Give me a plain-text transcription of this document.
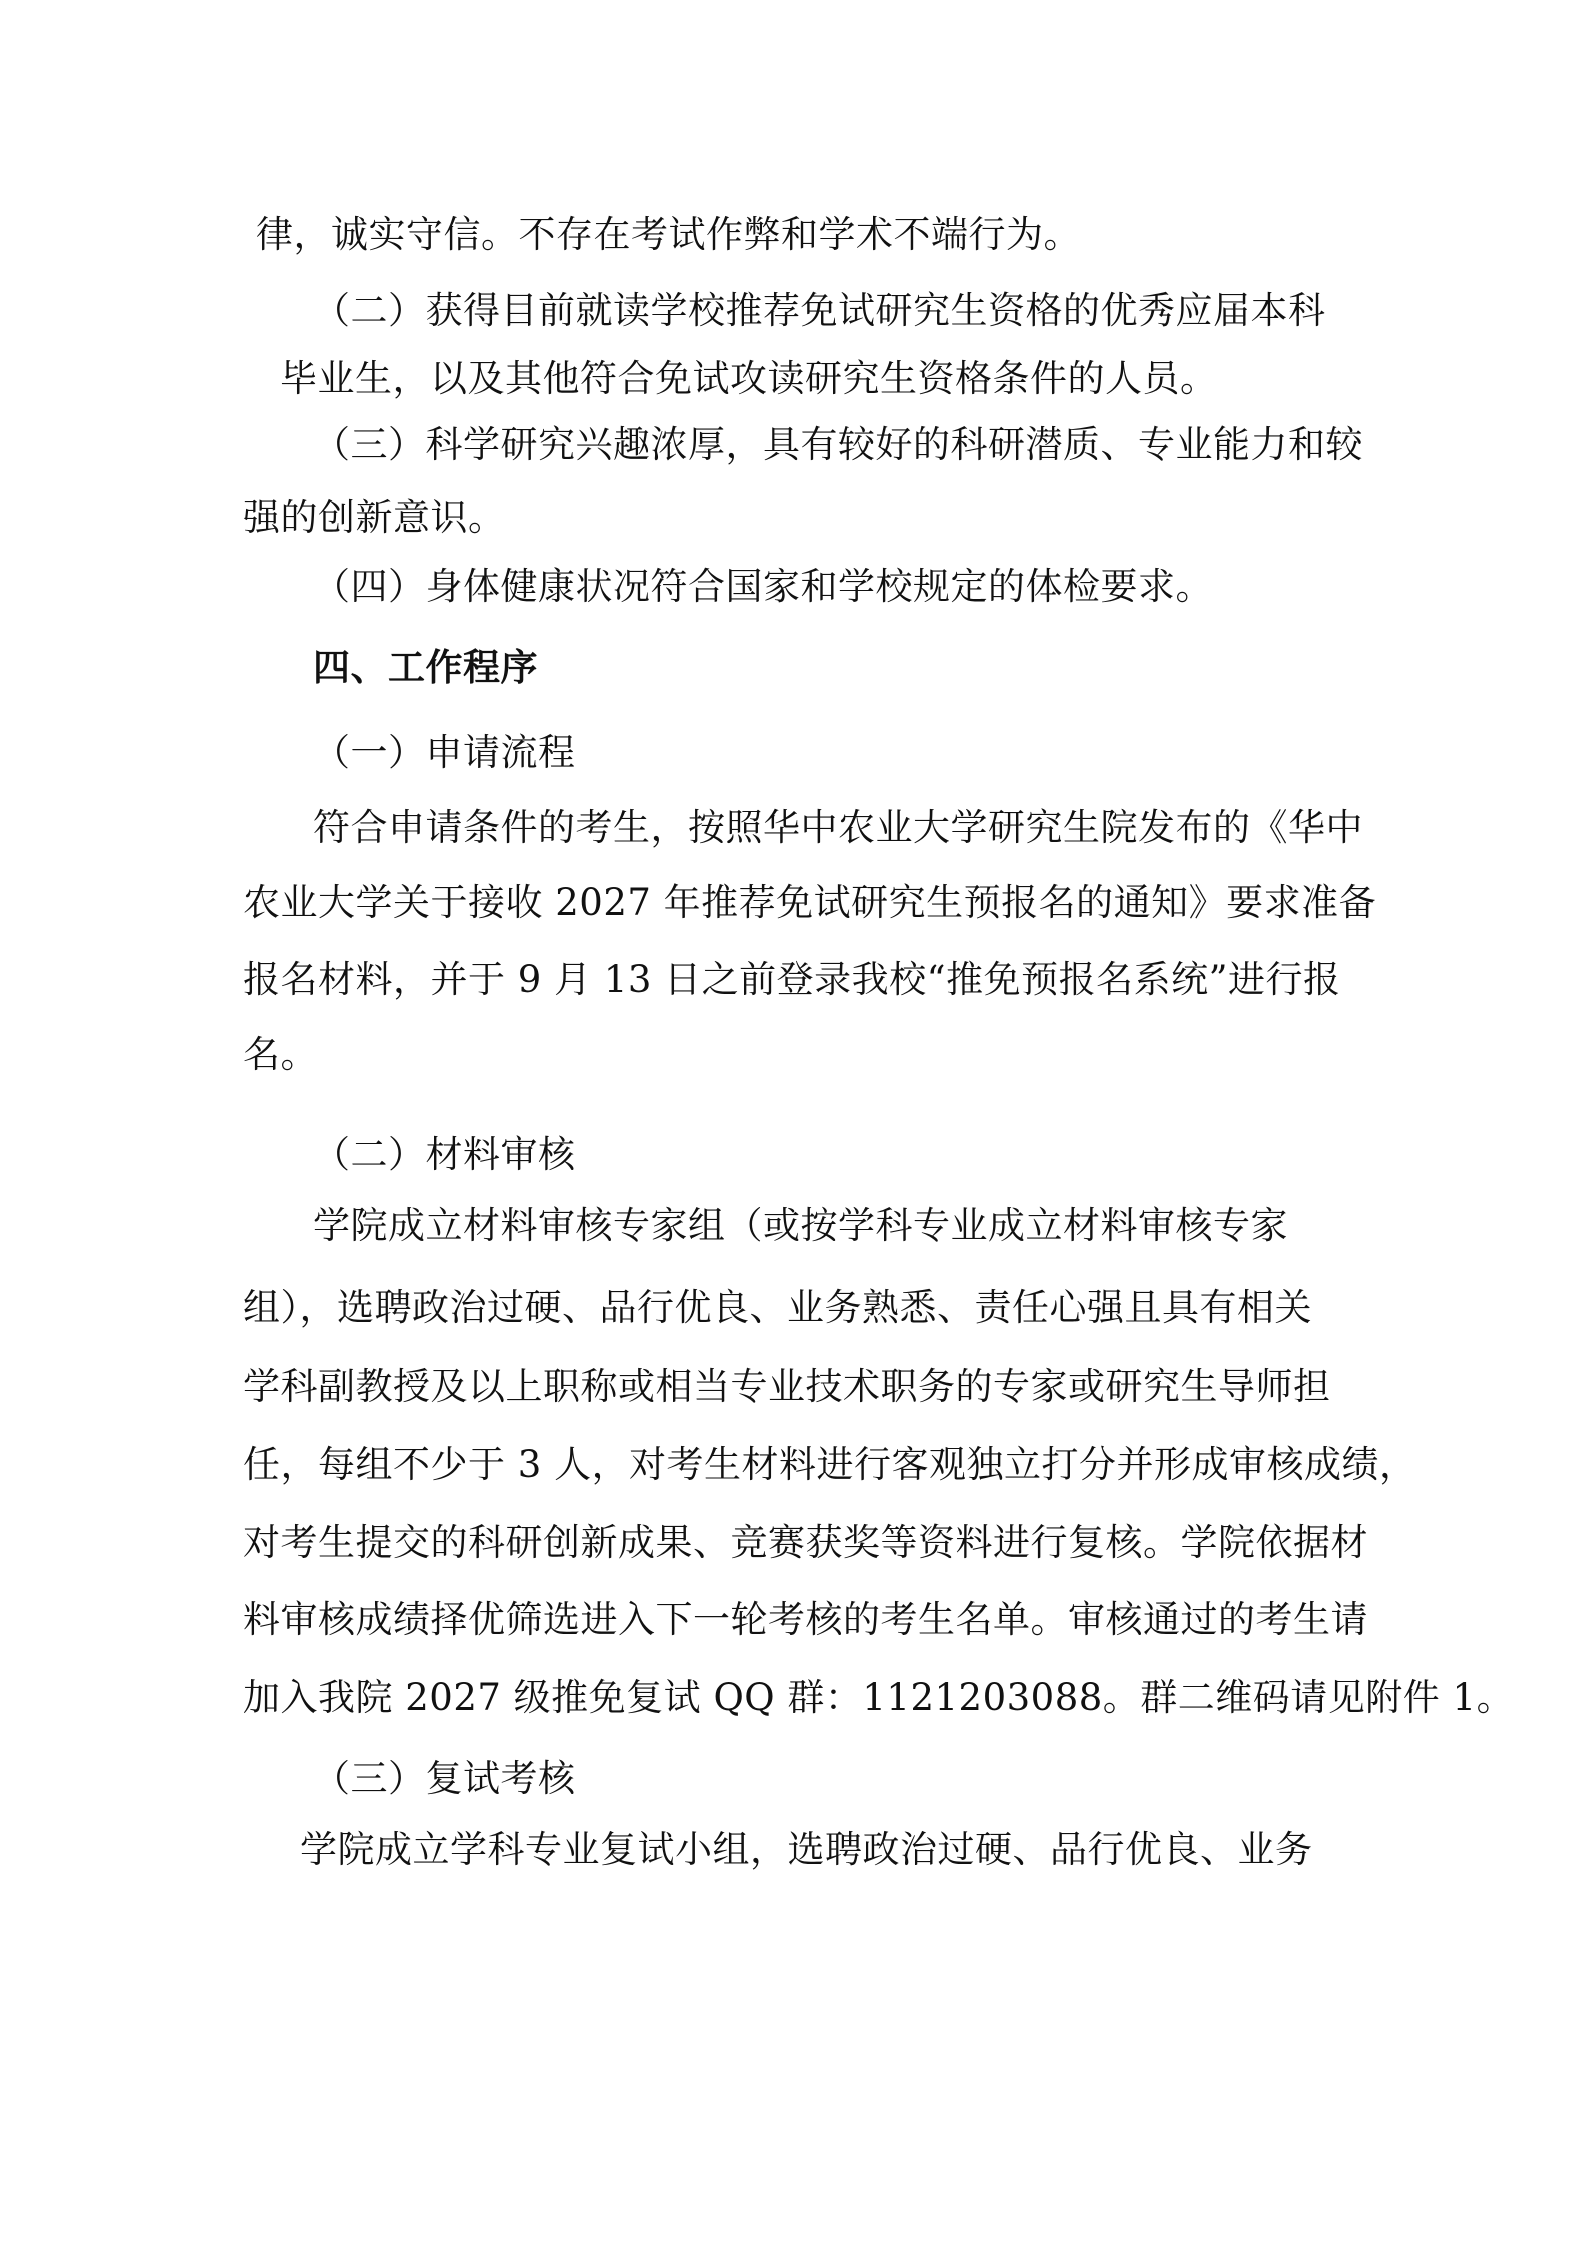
律，诚实守信。不存在考试作弊和学术不端行为。
（二）获得目前就读学校推荐免试研究生资格的优秀应届本科
毕业生，以及其他符合免试攻读研究生资格条件的人员。
（三）科学研究兴趣浓厚，具有较好的科研潜质、专业能力和较
强的创新意识。
（四）身体健康状况符合国家和学校规定的体检要求。
四、工作程序
（一）申请流程
符合申请条件的考生，按照华中农业大学研究生院发布的《华中
农业大学关于接收 2027 年推荐免试研究生预报名的通知》要求准备
报名材料，并于 9 月 13 日之前登录我校“推免预报名系统”进行报
名。
（二）材料审核
学院成立材料审核专家组（或按学科专业成立材料审核专家
组），选聘政治过硬、品行优良、业务熟悉、责任心强且具有相关
学科副教授及以上职称或相当专业技术职务的专家或研究生导师担
任，每组不少于 3 人，对考生材料进行客观独立打分并形成审核成绩，
对考生提交的科研创新成果、竞赛获奖等资料进行复核。学院依据材
料审核成绩择优筛选进入下一轮考核的考生名单。审核通过的考生请
加入我院 2027 级推免复试 QQ 群：1121203088。群二维码请见附件 1。
（三）复试考核
学院成立学科专业复试小组，选聘政治过硬、品行优良、业务
